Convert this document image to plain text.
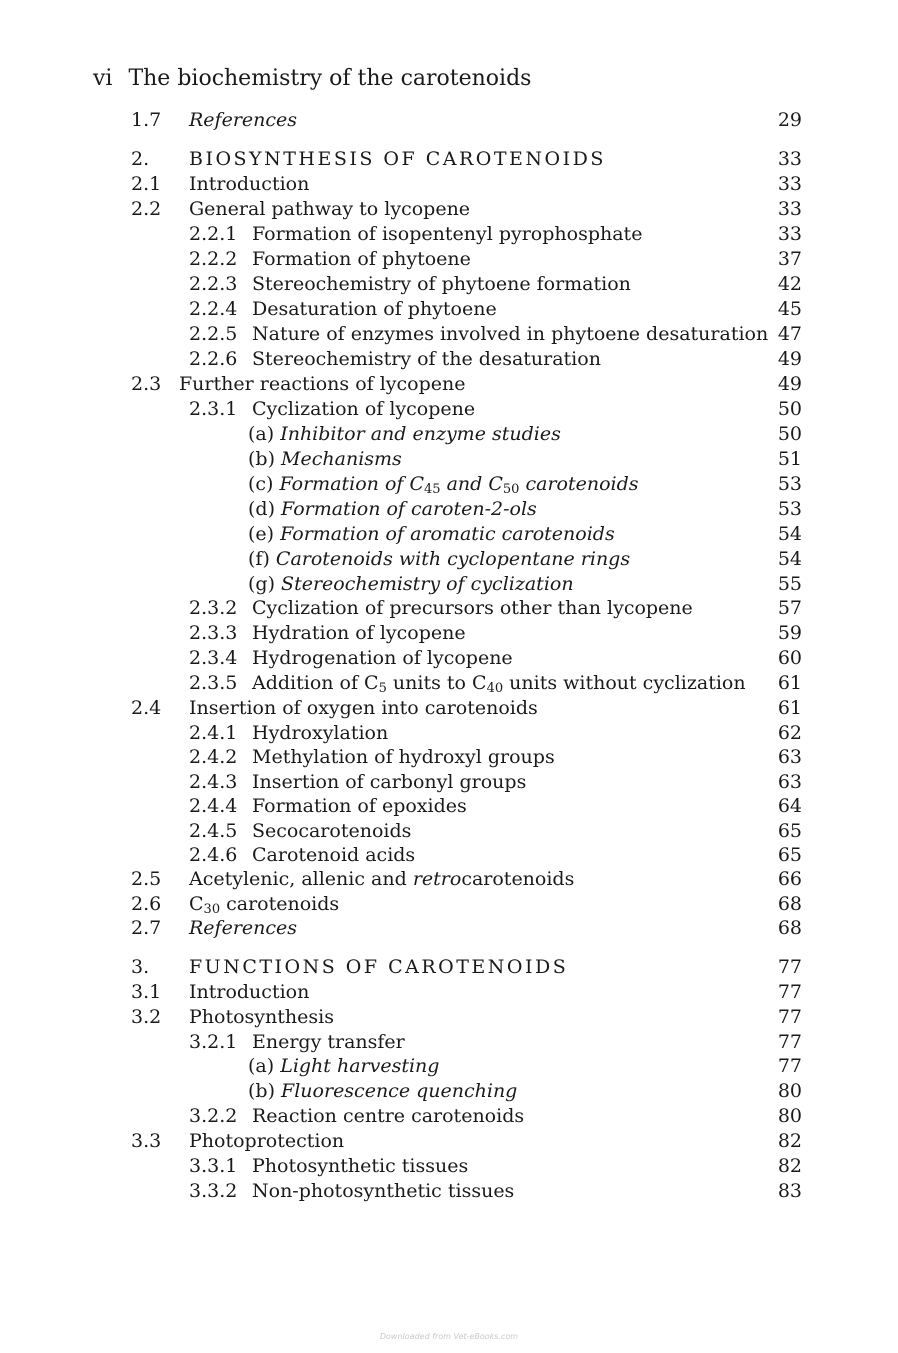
vi The biochemistry of the carotenoids
1.7 References	29
2. BIOSYNTHESIS OF CAROTENOIDS	33
2.1 Introduction	33
2.2 General pathway to lycopene	33
2.2.1 Formation of isopentenyl pyrophosphate	33
2.2.2 Formation of phytoene	37
2.2.3 Stereochemistry of phytoene formation	42
2.2.4 Desaturation of phytoene	45
2.2.5 Nature of enzymes involved in phytoene desaturation 47
2.2.6 Stereochemistry of the desaturation	49
2.3 Further reactions of lycopene	49
2.3.1 Cyclization of lycopene	50
(a) Inhibitor and enzyme studies	50
(b) Mechanisms	51
(c) Formation of $C_{45}$ and $C_{50}$ carotenoids	53
(d) Formation of caroten-2-ols	53
(e) Formation of aromatic carotenoids	54
(f) Carotenoids with cyclopentane rings	54
(g) Stereochemistry of cyclization	55
2.3.2 Cyclization of precursors other than lycopene	57
2.3.3 Hydration of lycopene	59
2.3.4 Hydrogenation of lycopene	60
2.3.5 Addition of $C_5$ units to $C_{40}$ units without cyclization 61
2.4 Insertion of oxygen into carotenoids	61
2.4.1 Hydroxylation	62
2.4.2 Methylation of hydroxyl groups	63
2.4.3 Insertion of carbonyl groups	63
2.4.4 Formation of epoxides	64
2.4.5 Secocarotenoids	65
2.4.6 Carotenoid acids	65
2.5 Acetylenic, allenic and retrocarotenoids	66
2.6 $C_{30}$ carotenoids	68
2.7 References	68
3. FUNCTIONS OF CAROTENOIDS	77
3.1 Introduction	77
3.2 Photosynthesis	77
3.2.1 Energy transfer	77
(a) Light harvesting	77
(b) Fluorescence quenching	80
3.2.2 Reaction centre carotenoids	80
3.3 Photoprotection	82
3.3.1 Photosynthetic tissues	82
3.3.2 Non-photosynthetic tissues	83
Downloaded from Vet-eBooks.com
